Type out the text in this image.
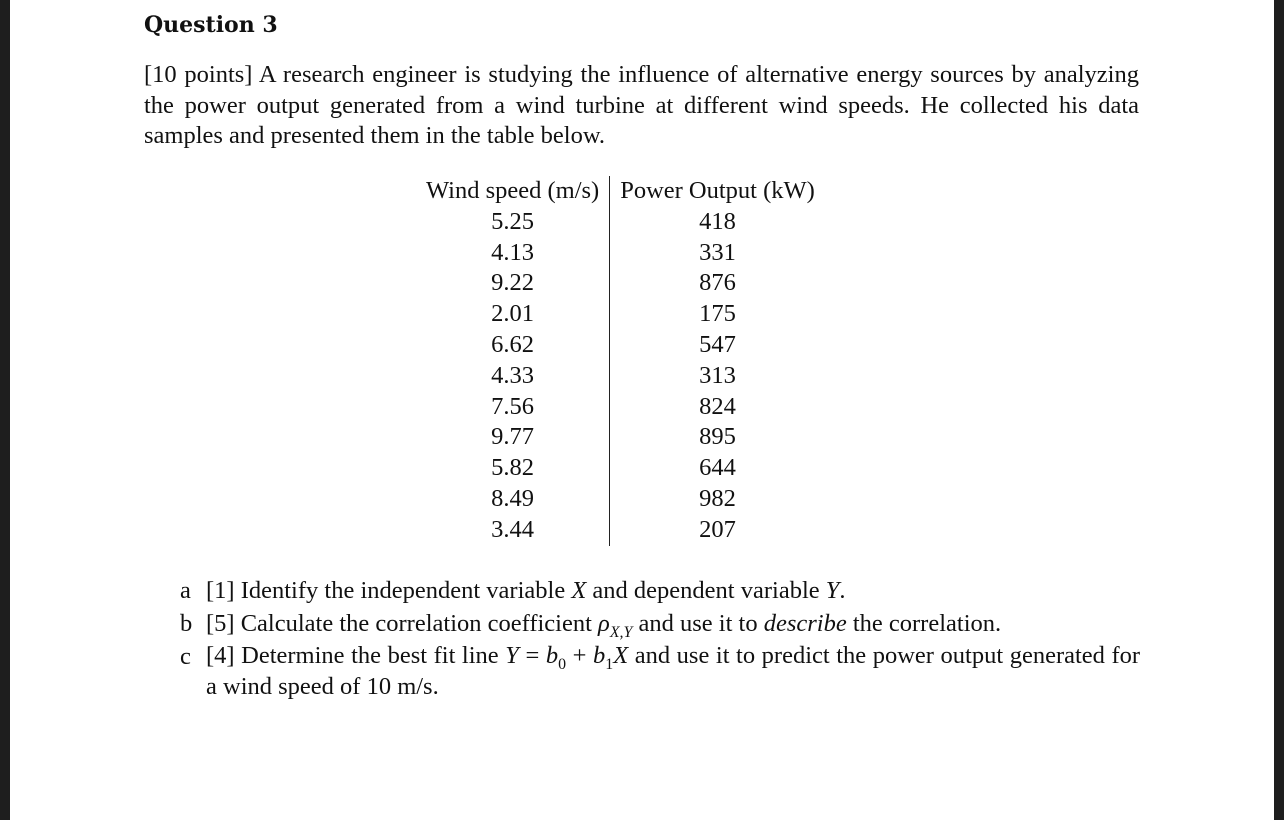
Question 3
[10 points] A research engineer is studying the influence of alternative energy sources by analyzing the power output generated from a wind turbine at different wind speeds. He collected his data samples and presented them in the table below.
Wind speed (m/s)	Power Output (kW)
5.25	418
4.13	331
9.22	876
2.01	175
6.62	547
4.33	313
7.56	824
9.77	895
5.82	644
8.49	982
3.44	207
a [1] Identify the independent variable X and dependent variable Y.
b [5] Calculate the correlation coefficient $\rho_{X,Y}$ and use it to describe the correlation.
c [4] Determine the best fit line $Y = b_0 + b_1X$ and use it to predict the power output generated for a wind speed of 10 m/s.
